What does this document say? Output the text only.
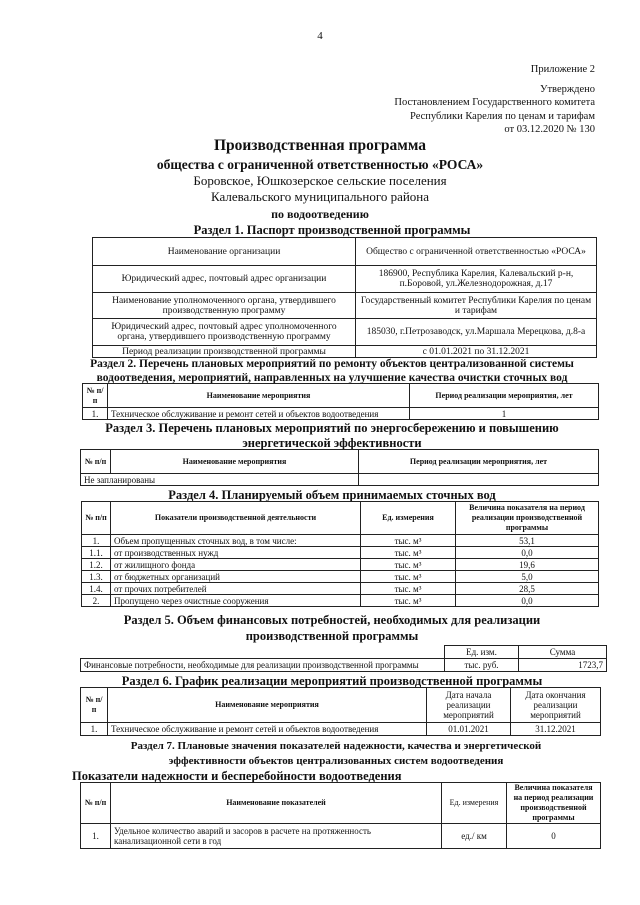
4
Приложение 2
Утверждено
Постановлением Государственного комитета
Республики Карелия по ценам и тарифам
от 03.12.2020 № 130
Производственная программа
общества с ограниченной ответственностью «РОСА»
Боровское, Юшкозерское сельские поселения
Калевальского муниципального района
по водоотведению
Раздел 1. Паспорт производственной программы
Наименование организации	Общество с ограниченной ответственностью «РОСА»
Юридический адрес, почтовый адрес организации	186900, Республика Карелия, Калевальский р-н, п.Боровой, ул.Железнодорожная, д.17
Наименование уполномоченного органа, утвердившего производственную программу	Государственный комитет Республики Карелия по ценам и тарифам
Юридический адрес, почтовый адрес уполномоченного органа, утвердившего производственную программу	185030, г.Петрозаводск, ул.Маршала Мерецкова, д.8-а
Период реализации производственной программы	с 01.01.2021 по 31.12.2021
Раздел 2. Перечень плановых мероприятий по ремонту объектов централизованной системы
водоотведения, мероприятий, направленных на улучшение качества очистки сточных вод
№ п/п	Наименование мероприятия	Период реализации мероприятия, лет
1.	Техническое обслуживание и ремонт сетей и объектов водоотведения	1
Раздел 3. Перечень плановых мероприятий по энергосбережению и повышению
энергетической эффективности
№ п/п	Наименование мероприятия	Период реализации мероприятия, лет
Не запланированы		
Раздел 4. Планируемый объем принимаемых сточных вод
№ п/п	Показатели производственной деятельности	Ед. измерения	Величина показателя на период реализации производственной программы
1.	Объем пропущенных сточных вод, в том числе:	тыс. м³	53,1
1.1.	от производственных нужд	тыс. м³	0,0
1.2.	от жилищного фонда	тыс. м³	19,6
1.3.	от бюджетных организаций	тыс. м³	5,0
1.4.	от прочих потребителей	тыс. м³	28,5
2.	Пропущено через очистные сооружения	тыс. м³	0,0
Раздел 5. Объем финансовых потребностей, необходимых для реализации
производственной программы
	Ед. изм.	Сумма
Финансовые потребности, необходимые для реализации производственной программы	тыс. руб.	1723,7
Раздел 6. График реализации мероприятий производственной программы
№ п/п	Наименование мероприятия	Дата начала реализации мероприятий	Дата окончания реализации мероприятий
1.	Техническое обслуживание и ремонт сетей и объектов водоотведения	01.01.2021	31.12.2021
Раздел 7. Плановые значения показателей надежности, качества и энергетической
эффективности объектов централизованных систем водоотведения
Показатели надежности и бесперебойности водоотведения
№ п/п	Наименование показателей	Ед. измерения	Величина показателя на период реализации производственной программы
1.	Удельное количество аварий и засоров в расчете на протяженность канализационной сети в год	ед./ км	0
